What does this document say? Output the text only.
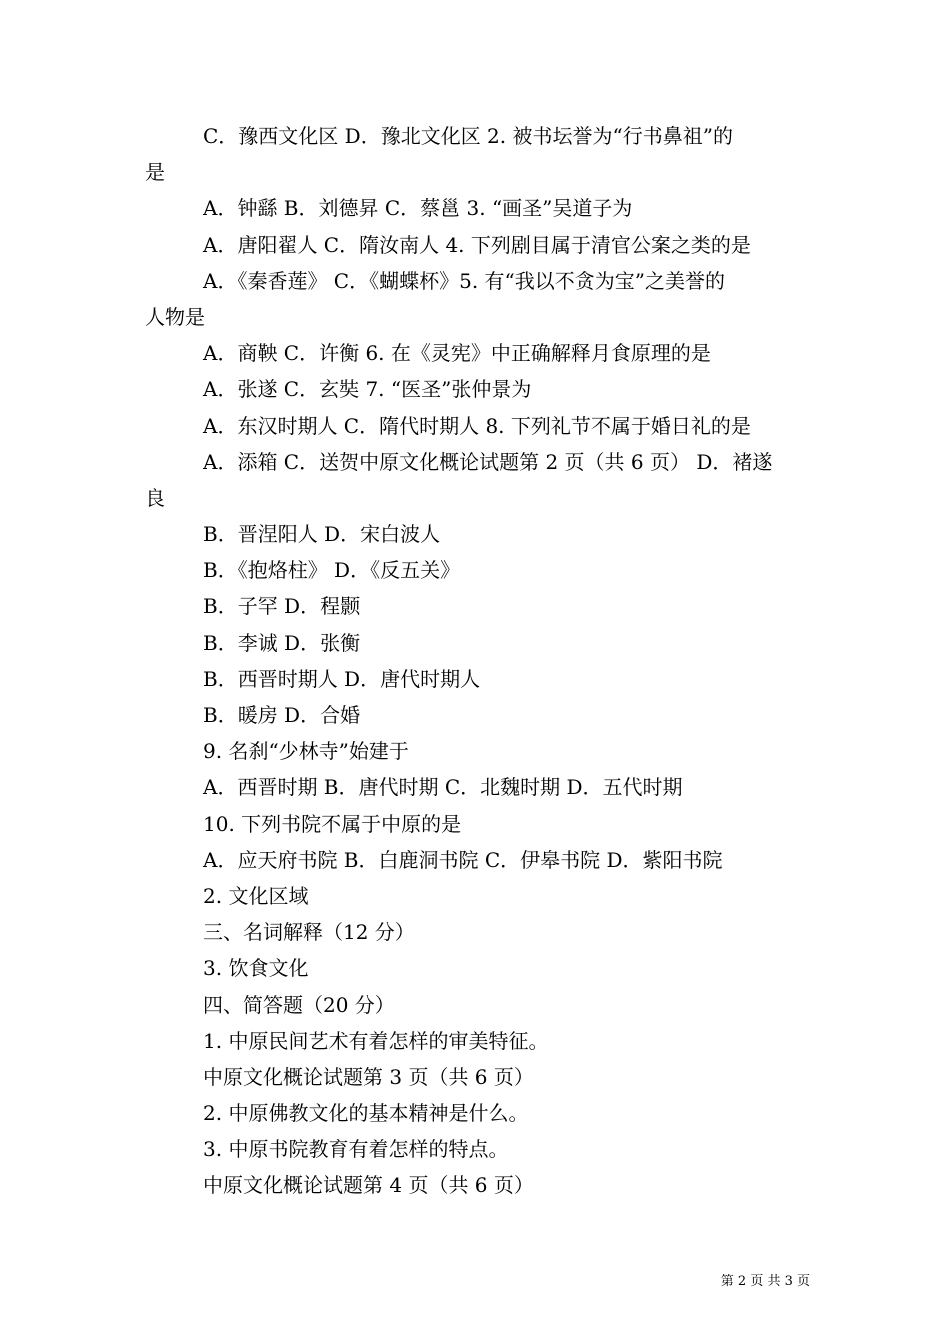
C．豫西文化区 D．豫北文化区 2. 被书坛誉为“行书鼻祖”的
是
A．钟繇 B．刘德昇 C．蔡邕 3. “画圣”吴道子为
A．唐阳翟人 C．隋汝南人 4. 下列剧目属于清官公案之类的是
A．《秦香莲》 C．《蝴蝶杯》5. 有“我以不贪为宝”之美誉的
人物是
A．商鞅 C．许衡 6. 在《灵宪》中正确解释月食原理的是
A．张遂 C．玄奘 7. “医圣”张仲景为
A．东汉时期人 C．隋代时期人 8. 下列礼节不属于婚日礼的是
A．添箱 C．送贺中原文化概论试题第 2 页（共 6 页） D．褚遂
良
B．晋涅阳人 D．宋白波人
B．《抱烙柱》 D．《反五关》
B．子罕 D．程颢
B．李诚 D．张衡
B．西晋时期人 D．唐代时期人
B．暖房 D．合婚
9. 名刹“少林寺”始建于
A．西晋时期 B．唐代时期 C．北魏时期 D．五代时期
10. 下列书院不属于中原的是
A．应天府书院 B．白鹿洞书院 C．伊皋书院 D．紫阳书院
2. 文化区域
三、名词解释（12 分）
3. 饮食文化
四、简答题（20 分）
1. 中原民间艺术有着怎样的审美特征。
中原文化概论试题第 3 页（共 6 页）
2. 中原佛教文化的基本精神是什么。
3. 中原书院教育有着怎样的特点。
中原文化概论试题第 4 页（共 6 页）
第 2 页 共 3 页
